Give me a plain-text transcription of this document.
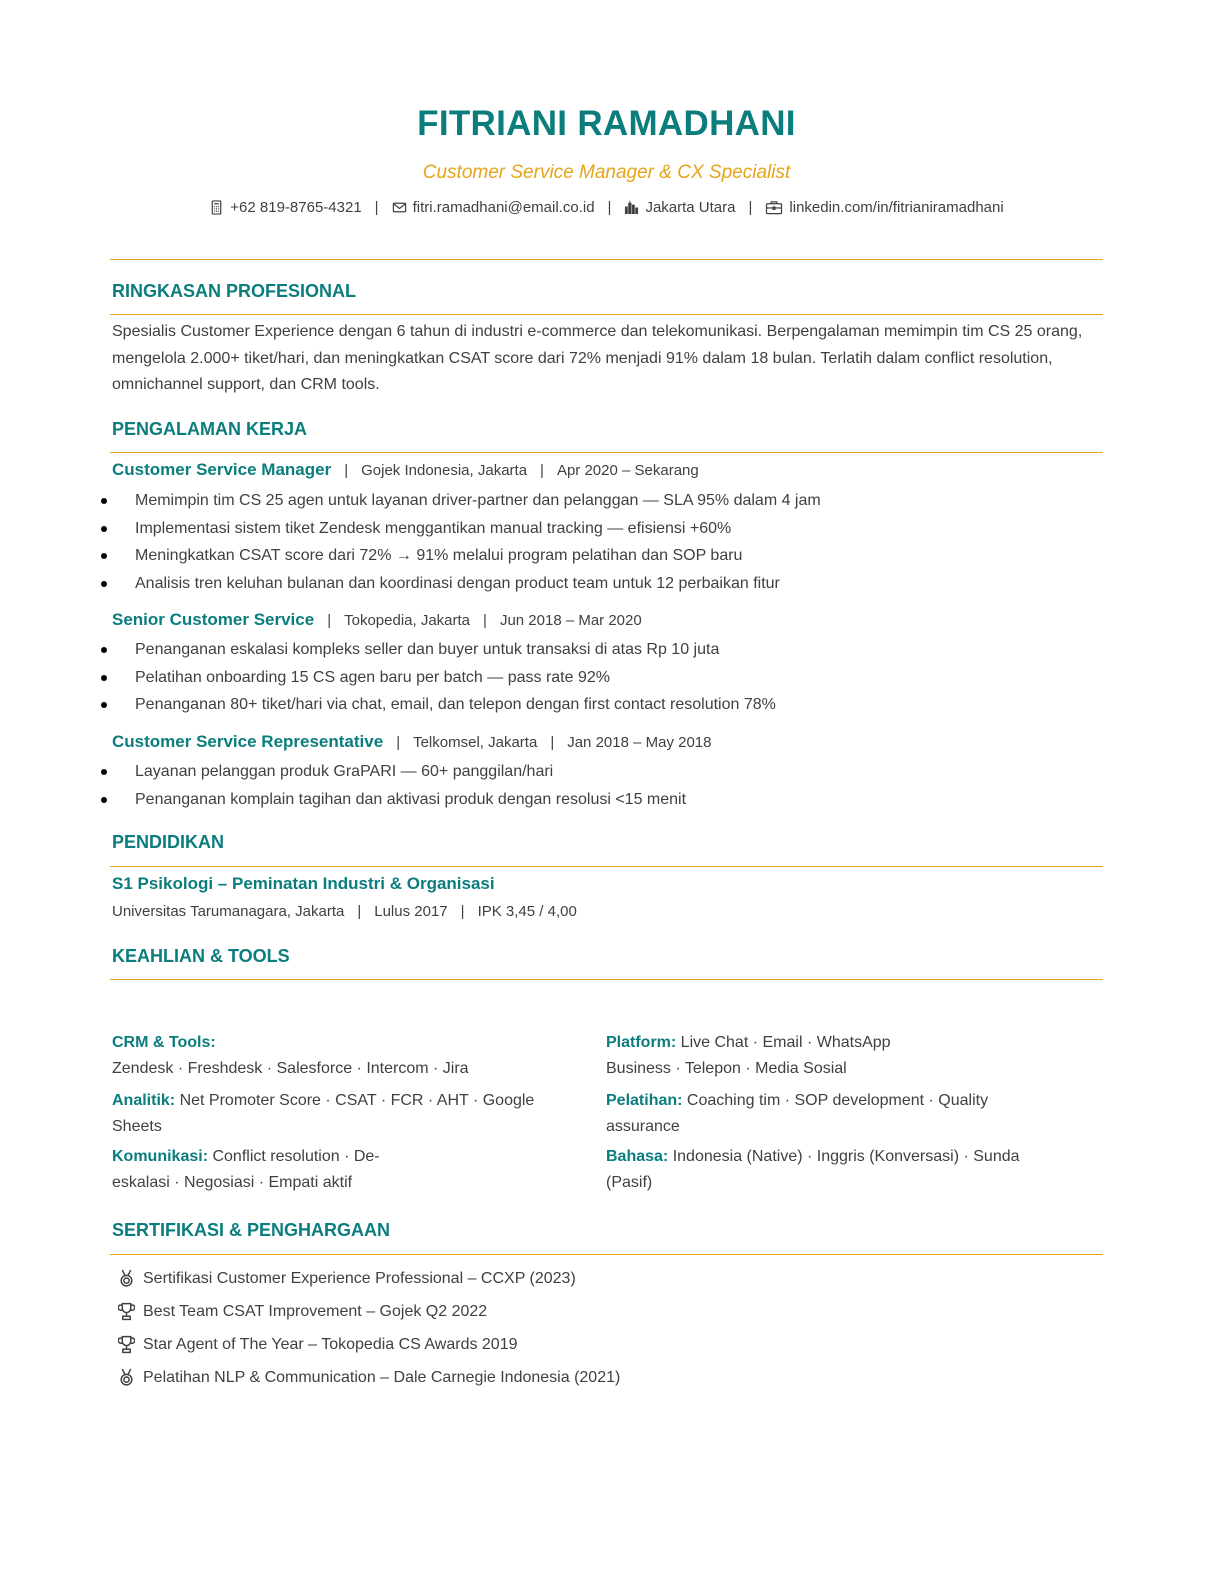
FITRIANI RAMADHANI
Customer Service Manager & CX Specialist
+62 819-8765-4321 | fitri.ramadhani@email.co.id | Jakarta Utara | linkedin.com/in/fitrianiramadhani
RINGKASAN PROFESIONAL
Spesialis Customer Experience dengan 6 tahun di industri e-commerce dan telekomunikasi. Berpengalaman memimpin tim CS 25 orang, mengelola 2.000+ tiket/hari, dan meningkatkan CSAT score dari 72% menjadi 91% dalam 18 bulan. Terlatih dalam conflict resolution, omnichannel support, dan CRM tools.
PENGALAMAN KERJA
Customer Service Manager | Gojek Indonesia, Jakarta | Apr 2020 – Sekarang
Memimpin tim CS 25 agen untuk layanan driver-partner dan pelanggan — SLA 95% dalam 4 jam
Implementasi sistem tiket Zendesk menggantikan manual tracking — efisiensi +60%
Meningkatkan CSAT score dari 72% → 91% melalui program pelatihan dan SOP baru
Analisis tren keluhan bulanan dan koordinasi dengan product team untuk 12 perbaikan fitur
Senior Customer Service | Tokopedia, Jakarta | Jun 2018 – Mar 2020
Penanganan eskalasi kompleks seller dan buyer untuk transaksi di atas Rp 10 juta
Pelatihan onboarding 15 CS agen baru per batch — pass rate 92%
Penanganan 80+ tiket/hari via chat, email, dan telepon dengan first contact resolution 78%
Customer Service Representative | Telkomsel, Jakarta | Jan 2018 – May 2018
Layanan pelanggan produk GraPARI — 60+ panggilan/hari
Penanganan komplain tagihan dan aktivasi produk dengan resolusi <15 menit
PENDIDIKAN
S1 Psikologi – Peminatan Industri & Organisasi
Universitas Tarumanagara, Jakarta | Lulus 2017 | IPK 3,45 / 4,00
KEAHLIAN & TOOLS
CRM & Tools:
Zendesk · Freshdesk · Salesforce · Intercom · Jira
Analitik: Net Promoter Score · CSAT · FCR · AHT · Google
Sheets
Komunikasi: Conflict resolution · De-
eskalasi · Negosiasi · Empati aktif
Platform: Live Chat · Email · WhatsApp
Business · Telepon · Media Sosial
Pelatihan: Coaching tim · SOP development · Quality
assurance
Bahasa: Indonesia (Native) · Inggris (Konversasi) · Sunda
(Pasif)
SERTIFIKASI & PENGHARGAAN
Sertifikasi Customer Experience Professional – CCXP (2023)
Best Team CSAT Improvement – Gojek Q2 2022
Star Agent of The Year – Tokopedia CS Awards 2019
Pelatihan NLP & Communication – Dale Carnegie Indonesia (2021)
